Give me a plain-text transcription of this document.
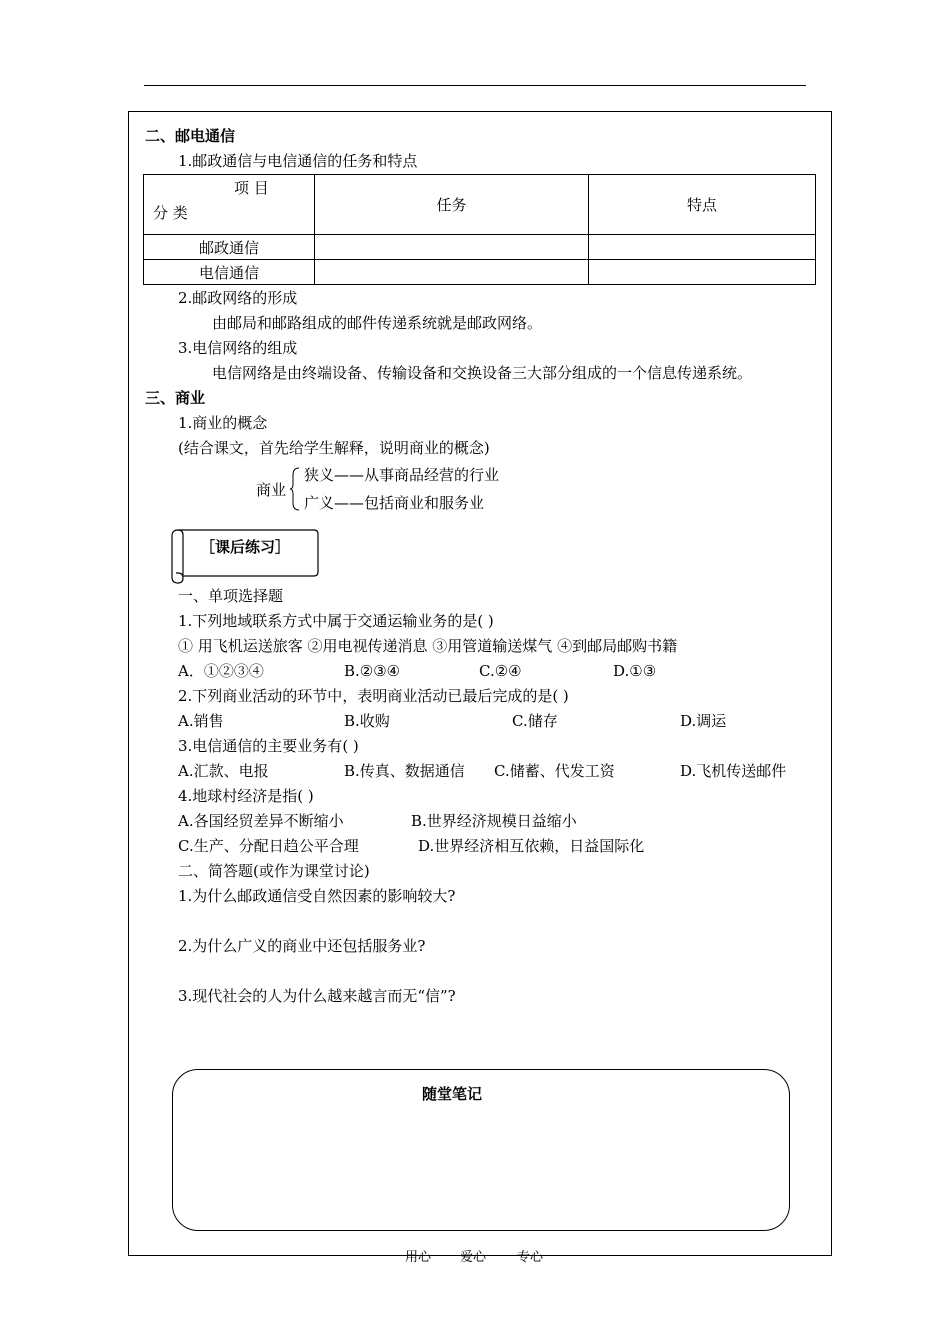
二、邮电通信
1.邮政通信与电信通信的任务和特点
项 目
分 类	任务	特点
邮政通信		
电信通信		
2.邮政网络的形成
由邮局和邮路组成的邮件传递系统就是邮政网络。
3.电信网络的组成
电信网络是由终端设备、传输设备和交换设备三大部分组成的一个信息传递系统。
三、商业
1.商业的概念
(结合课文，首先给学生解释，说明商业的概念)
商业
狭义——从事商品经营的行业
广义——包括商业和服务业
［课后练习］
一、单项选择题
1.下列地域联系方式中属于交通运输业务的是( )
① 用飞机运送旅客 ②用电视传递消息 ③用管道输送煤气 ④到邮局邮购书籍
A．①②③④	B.②③④	C.②④	D.①③
2.下列商业活动的环节中，表明商业活动已最后完成的是( )
A.销售	B.收购	C.储存	D.调运
3.电信通信的主要业务有( )
A.汇款、电报	B.传真、数据通信 C.储蓄、代发工资	D.飞机传送邮件
4.地球村经济是指( )
A.各国经贸差异不断缩小	B.世界经济规模日益缩小
C.生产、分配日趋公平合理	D.世界经济相互依赖，日益国际化
二、简答题(或作为课堂讨论)
1.为什么邮政通信受自然因素的影响较大?
2.为什么广义的商业中还包括服务业?
3.现代社会的人为什么越来越言而无“信”?
随堂笔记
用心 爱心 专心
